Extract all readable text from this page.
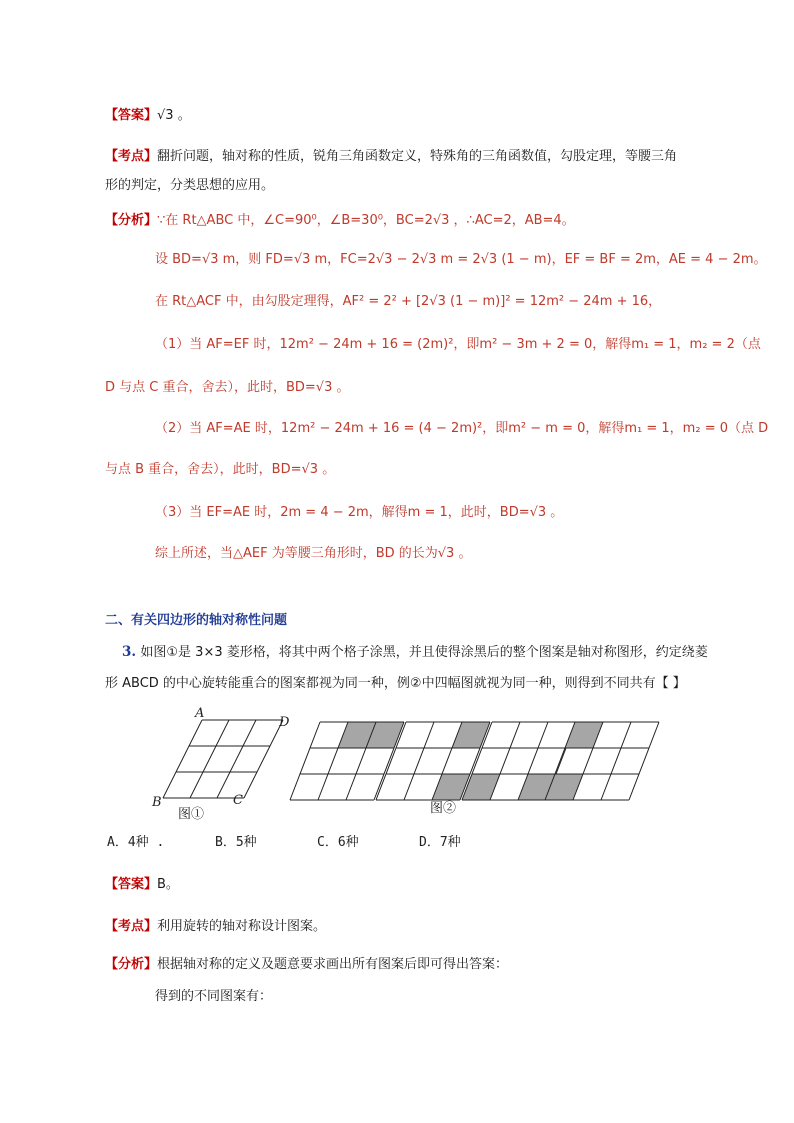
【答案】√3 。
【考点】翻折问题，轴对称的性质，锐角三角函数定义，特殊角的三角函数值，勾股定理，等腰三角
形的判定，分类思想的应用。
【分析】∵在 Rt△ABC 中，∠C=90⁰，∠B=30⁰，BC=2√3 ，∴AC=2，AB=4。
设 BD=√3 m，则 FD=√3 m，FC=2√3 − 2√3 m = 2√3 (1 − m)，EF = BF = 2m，AE = 4 − 2m。
在 Rt△ACF 中，由勾股定理得，AF² = 2² + [2√3 (1 − m)]² = 12m² − 24m + 16，
（1）当 AF=EF 时，12m² − 24m + 16 = (2m)²，即m² − 3m + 2 = 0，解得m₁ = 1，m₂ = 2（点
D 与点 C 重合，舍去），此时，BD=√3 。
（2）当 AF=AE 时，12m² − 24m + 16 = (4 − 2m)²，即m² − m = 0，解得m₁ = 1，m₂ = 0（点 D
与点 B 重合，舍去），此时，BD=√3 。
（3）当 EF=AE 时，2m = 4 − 2m，解得m = 1，此时，BD=√3 。
综上所述，当△AEF 为等腰三角形时，BD 的长为√3 。
二、有关四边形的轴对称性问题
3. 如图①是 3×3 菱形格，将其中两个格子涂黑，并且使得涂黑后的整个图案是轴对称图形，约定绕菱
形 ABCD 的中心旋转能重合的图案都视为同一种，例②中四幅图就视为同一种，则得到不同共有【 】
A
D
B	C
图①	图②
A．4种 .	B．5种	C．6种	D．7种
【答案】B。
【考点】利用旋转的轴对称设计图案。
【分析】根据轴对称的定义及题意要求画出所有图案后即可得出答案：
得到的不同图案有：
